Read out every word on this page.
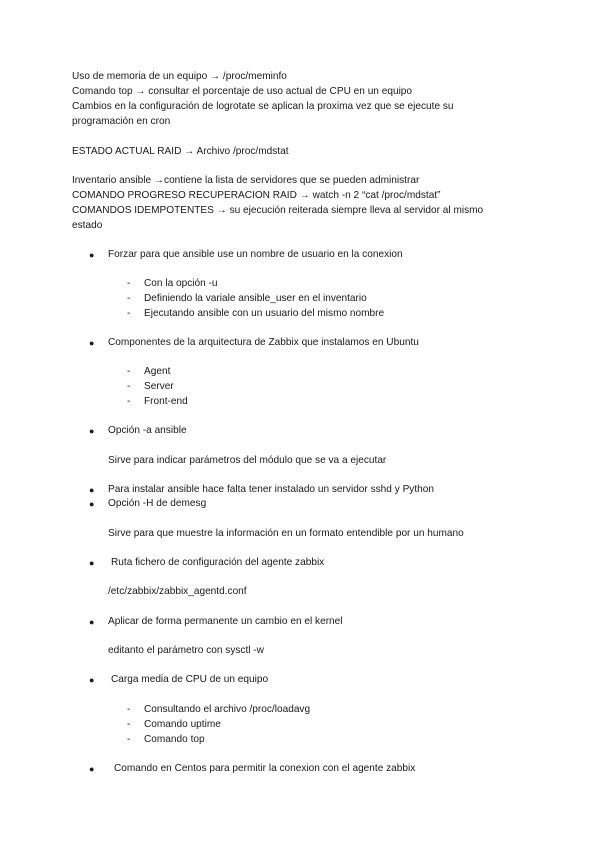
Uso de memoria de un equipo → /proc/meminfo
Comando top → consultar el porcentaje de uso actual de CPU en un equipo
Cambios en la configuración de logrotate se aplican la proxima vez que se ejecute su
programación en cron
ESTADO ACTUAL RAID → Archivo /proc/mdstat
Inventario ansible →contiene la lista de servidores que se pueden administrar
COMANDO PROGRESO RECUPERACION RAID → watch -n 2 “cat /proc/mdstat”
COMANDOS IDEMPOTENTES → su ejecución reiterada siempre lleva al servidor al mismo
estado
● Forzar para que ansible use un nombre de usuario en la conexion
- Con la opción -u
- Definiendo la variale ansible_user en el inventario
- Ejecutando ansible con un usuario del mismo nombre
● Componentes de la arquitectura de Zabbix que instalamos en Ubuntu
- Agent
- Server
- Front-end
● Opción -a ansible
Sirve para indicar parámetros del módulo que se va a ejecutar
● Para instalar ansible hace falta tener instalado un servidor sshd y Python
● Opción -H de demesg
Sirve para que muestre la información en un formato entendible por un humano
● Ruta fichero de configuración del agente zabbix
/etc/zabbix/zabbix_agentd.conf
● Aplicar de forma permanente un cambio en el kernel
editanto el parámetro con sysctl -w
● Carga media de CPU de un equipo
- Consultando el archivo /proc/loadavg
- Comando uptime
- Comando top
● Comando en Centos para permitir la conexion con el agente zabbix
